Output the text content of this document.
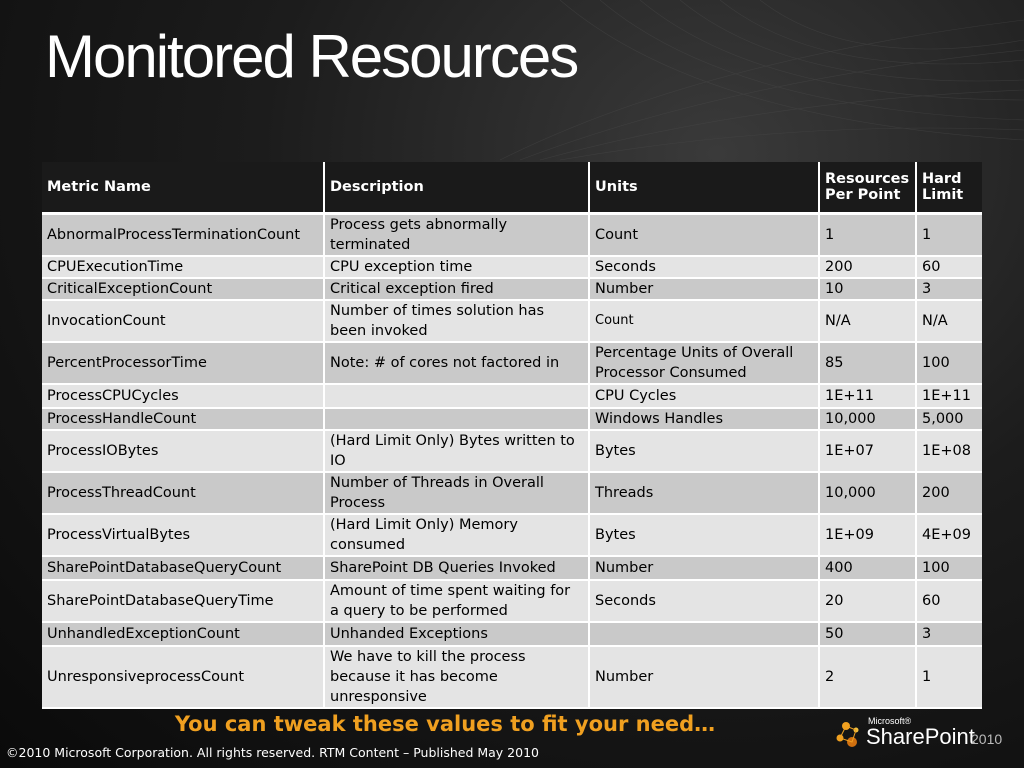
Monitored Resources
Metric Name	Description	Units	Resources Per Point	Hard Limit
AbnormalProcessTerminationCount	Process gets abnormally terminated	Count	1	1
CPUExecutionTime	CPU exception time	Seconds	200	60
CriticalExceptionCount	Critical exception fired	Number	10	3
InvocationCount	Number of times solution has been invoked	Count	N/A	N/A
PercentProcessorTime	Note: # of cores not factored in	Percentage Units of Overall Processor Consumed	85	100
ProcessCPUCycles		CPU Cycles	1E+11	1E+11
ProcessHandleCount		Windows Handles	10,000	5,000
ProcessIOBytes	(Hard Limit Only) Bytes written to IO	Bytes	1E+07	1E+08
ProcessThreadCount	Number of Threads in Overall Process	Threads	10,000	200
ProcessVirtualBytes	(Hard Limit Only) Memory consumed	Bytes	1E+09	4E+09
SharePointDatabaseQueryCount	SharePoint DB Queries Invoked	Number	400	100
SharePointDatabaseQueryTime	Amount of time spent waiting for a query to be performed	Seconds	20	60
UnhandledExceptionCount	Unhanded Exceptions		50	3
UnresponsiveprocessCount	We have to kill the process because it has become unresponsive	Number	2	1
You can tweak these values to fit your need…
©2010 Microsoft Corporation. All rights reserved. RTM Content – Published May 2010
Microsoft®
SharePoint
2010
